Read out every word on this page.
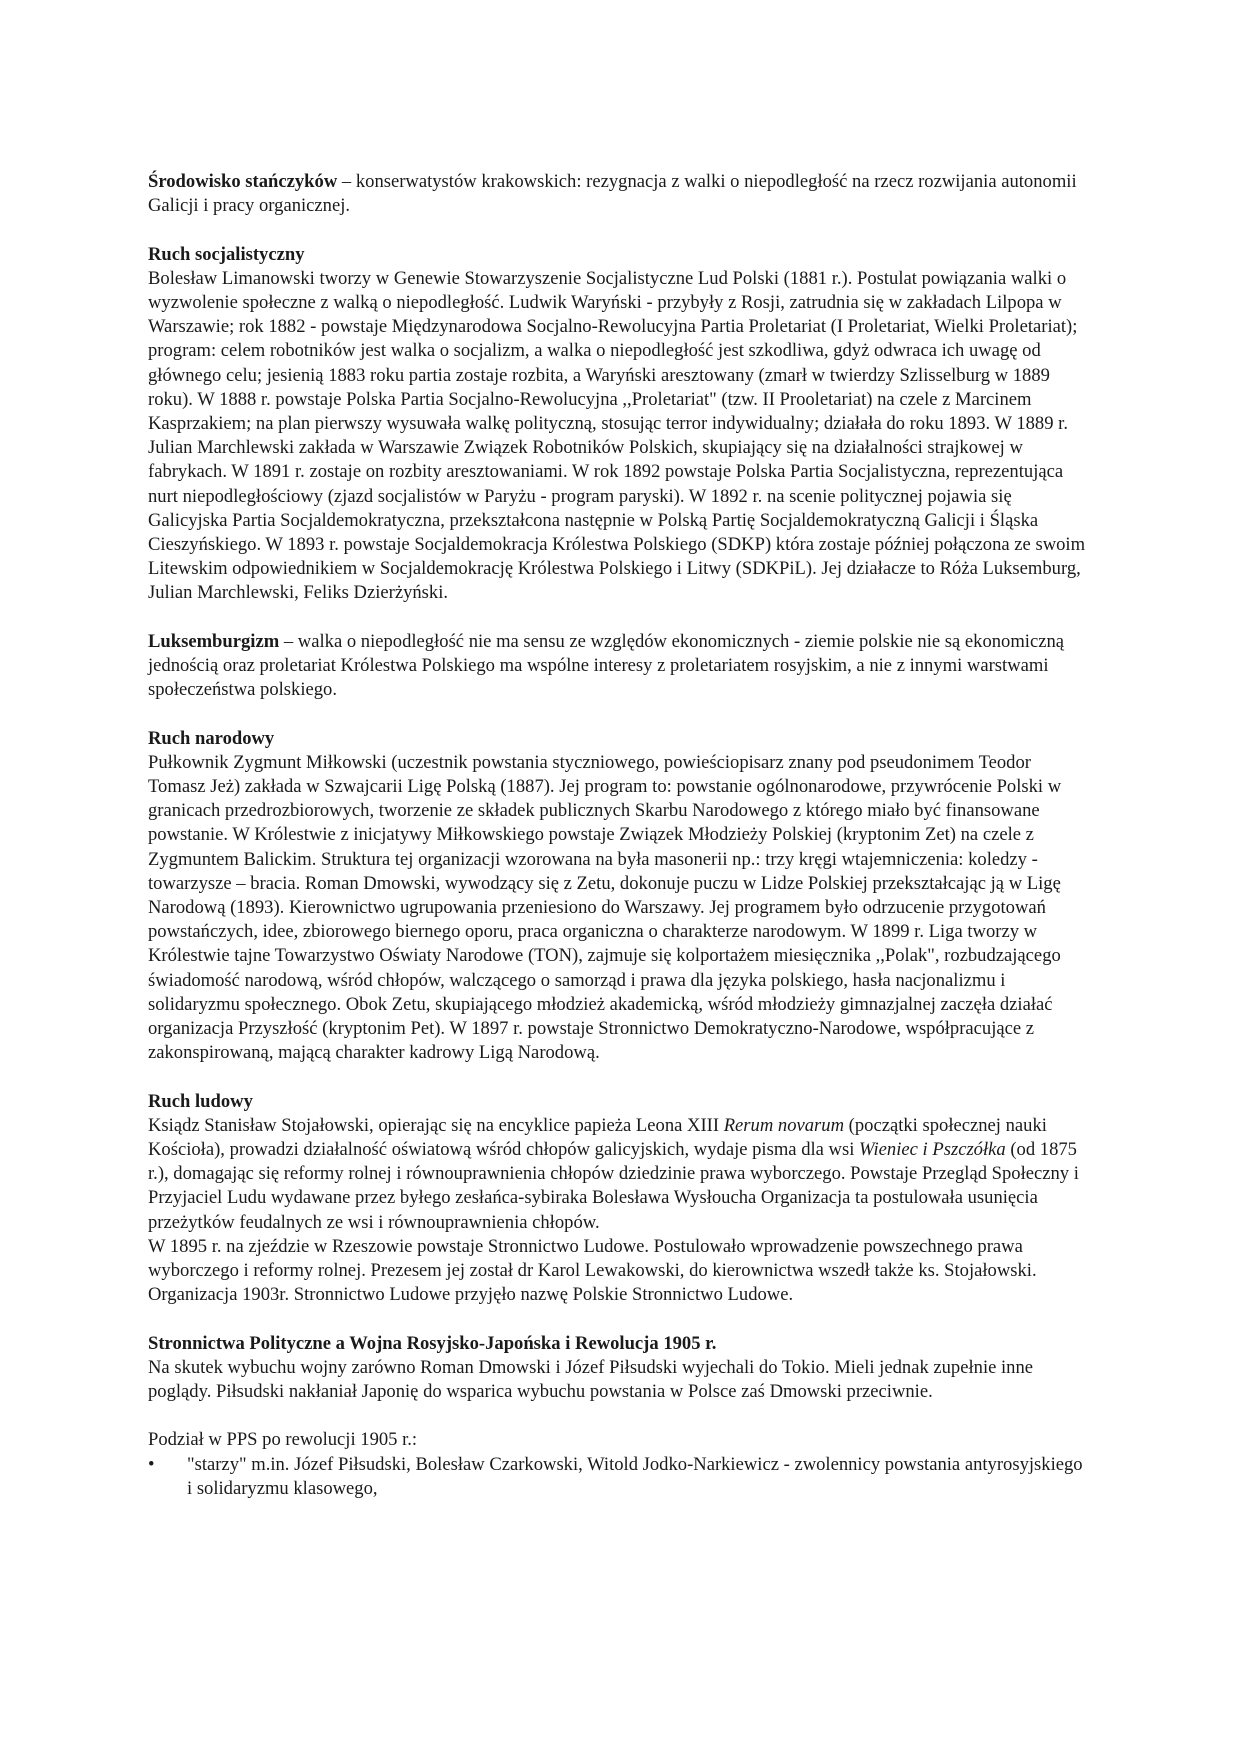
Środowisko stańczyków – konserwatystów krakowskich: rezygnacja z walki o niepodległość na rzecz rozwijania autonomii Galicji i pracy organicznej.

Ruch socjalistyczny
Bolesław Limanowski tworzy w Genewie Stowarzyszenie Socjalistyczne Lud Polski (1881 r.). Postulat powiązania walki o wyzwolenie społeczne z walką o niepodległość. Ludwik Waryński - przybyły z Rosji, zatrudnia się w zakładach Lilpopa w Warszawie; rok 1882 - powstaje Międzynarodowa Socjalno-Rewolucyjna Partia Proletariat (I Proletariat, Wielki Proletariat); program: celem robotników jest walka o socjalizm, a walka o niepodległość jest szkodliwa, gdyż odwraca ich uwagę od głównego celu; jesienią 1883 roku partia zostaje rozbita, a Waryński aresztowany (zmarł w twierdzy Szlisselburg w 1889 roku). W 1888 r. powstaje Polska Partia Socjalno-Rewolucyjna ,,Proletariat" (tzw. II Prooletariat) na czele z Marcinem Kasprzakiem; na plan pierwszy wysuwała walkę polityczną, stosując terror indywidualny; działała do roku 1893. W 1889 r. Julian Marchlewski zakłada w Warszawie Związek Robotników Polskich, skupiający się na działalności strajkowej w fabrykach. W 1891 r. zostaje on rozbity aresztowaniami. W rok 1892 powstaje Polska Partia Socjalistyczna, reprezentująca nurt niepodległościowy (zjazd socjalistów w Paryżu - program paryski). W 1892 r. na scenie politycznej pojawia się Galicyjska Partia Socjaldemokratyczna, przekształcona następnie w Polską Partię Socjaldemokratyczną Galicji i Śląska Cieszyńskiego. W 1893 r. powstaje Socjaldemokracja Królestwa Polskiego (SDKP) która zostaje później połączona ze swoim Litewskim odpowiednikiem w Socjaldemokrację Królestwa Polskiego i Litwy (SDKPiL). Jej działacze to Róża Luksemburg, Julian Marchlewski, Feliks Dzierżyński.

Luksemburgizm – walka o niepodległość nie ma sensu ze względów ekonomicznych - ziemie polskie nie są ekonomiczną jednością oraz proletariat Królestwa Polskiego ma wspólne interesy z proletariatem rosyjskim, a nie z innymi warstwami społeczeństwa polskiego.

Ruch narodowy
Pułkownik Zygmunt Miłkowski (uczestnik powstania styczniowego, powieściopisarz znany pod pseudonimem Teodor Tomasz Jeż) zakłada w Szwajcarii Ligę Polską (1887). Jej program to: powstanie ogólnonarodowe, przywrócenie Polski w granicach przedrozbiorowych, tworzenie ze składek publicznych Skarbu Narodowego z którego miało być finansowane powstanie. W Królestwie z inicjatywy Miłkowskiego powstaje Związek Młodzieży Polskiej (kryptonim Zet) na czele z Zygmuntem Balickim. Struktura tej organizacji wzorowana na była masonerii np.: trzy kręgi wtajemniczenia: koledzy - towarzysze – bracia. Roman Dmowski, wywodzący się z Zetu, dokonuje puczu w Lidze Polskiej przekształcając ją w Ligę Narodową (1893). Kierownictwo ugrupowania przeniesiono do Warszawy. Jej programem było odrzucenie przygotowań powstańczych, idee, zbiorowego biernego oporu, praca organiczna o charakterze narodowym. W 1899 r. Liga tworzy w Królestwie tajne Towarzystwo Oświaty Narodowe (TON), zajmuje się kolportażem miesięcznika ,,Polak", rozbudzającego świadomość narodową, wśród chłopów, walczącego o samorząd i prawa dla języka polskiego, hasła nacjonalizmu i solidaryzmu społecznego. Obok Zetu, skupiającego młodzież akademicką, wśród młodzieży gimnazjalnej zaczęła działać organizacja Przyszłość (kryptonim Pet). W 1897 r. powstaje Stronnictwo Demokratyczno-Narodowe, współpracujące z zakonspirowaną, mającą charakter kadrowy Ligą Narodową.

Ruch ludowy
Ksiądz Stanisław Stojałowski, opierając się na encyklice papieża Leona XIII Rerum novarum (początki społecznej nauki Kościoła), prowadzi działalność oświatową wśród chłopów galicyjskich, wydaje pisma dla wsi Wieniec i Pszczółka (od 1875 r.), domagając się reformy rolnej i równouprawnienia chłopów dziedzinie prawa wyborczego. Powstaje Przegląd Społeczny i Przyjaciel Ludu wydawane przez byłego zesłańca-sybiraka Bolesława Wysłoucha Organizacja ta postulowała usunięcia przeżytków feudalnych ze wsi i równouprawnienia chłopów.
W 1895 r. na zjeździe w Rzeszowie powstaje Stronnictwo Ludowe. Postulowało wprowadzenie powszechnego prawa wyborczego i reformy rolnej. Prezesem jej został dr Karol Lewakowski, do kierownictwa wszedł także ks. Stojałowski. Organizacja 1903r. Stronnictwo Ludowe przyjęło nazwę Polskie Stronnictwo Ludowe.

Stronnictwa Polityczne a Wojna Rosyjsko-Japońska i Rewolucja 1905 r.
Na skutek wybuchu wojny zarówno Roman Dmowski i Józef Piłsudski wyjechali do Tokio. Mieli jednak zupełnie inne poglądy. Piłsudski nakłaniał Japonię do wsparica wybuchu powstania w Polsce zaś Dmowski przeciwnie.

Podział w PPS po rewolucji 1905 r.:

• "starzy" m.in. Józef Piłsudski, Bolesław Czarkowski, Witold Jodko-Narkiewicz - zwolennicy powstania antyrosyjskiego i solidaryzmu klasowego,
